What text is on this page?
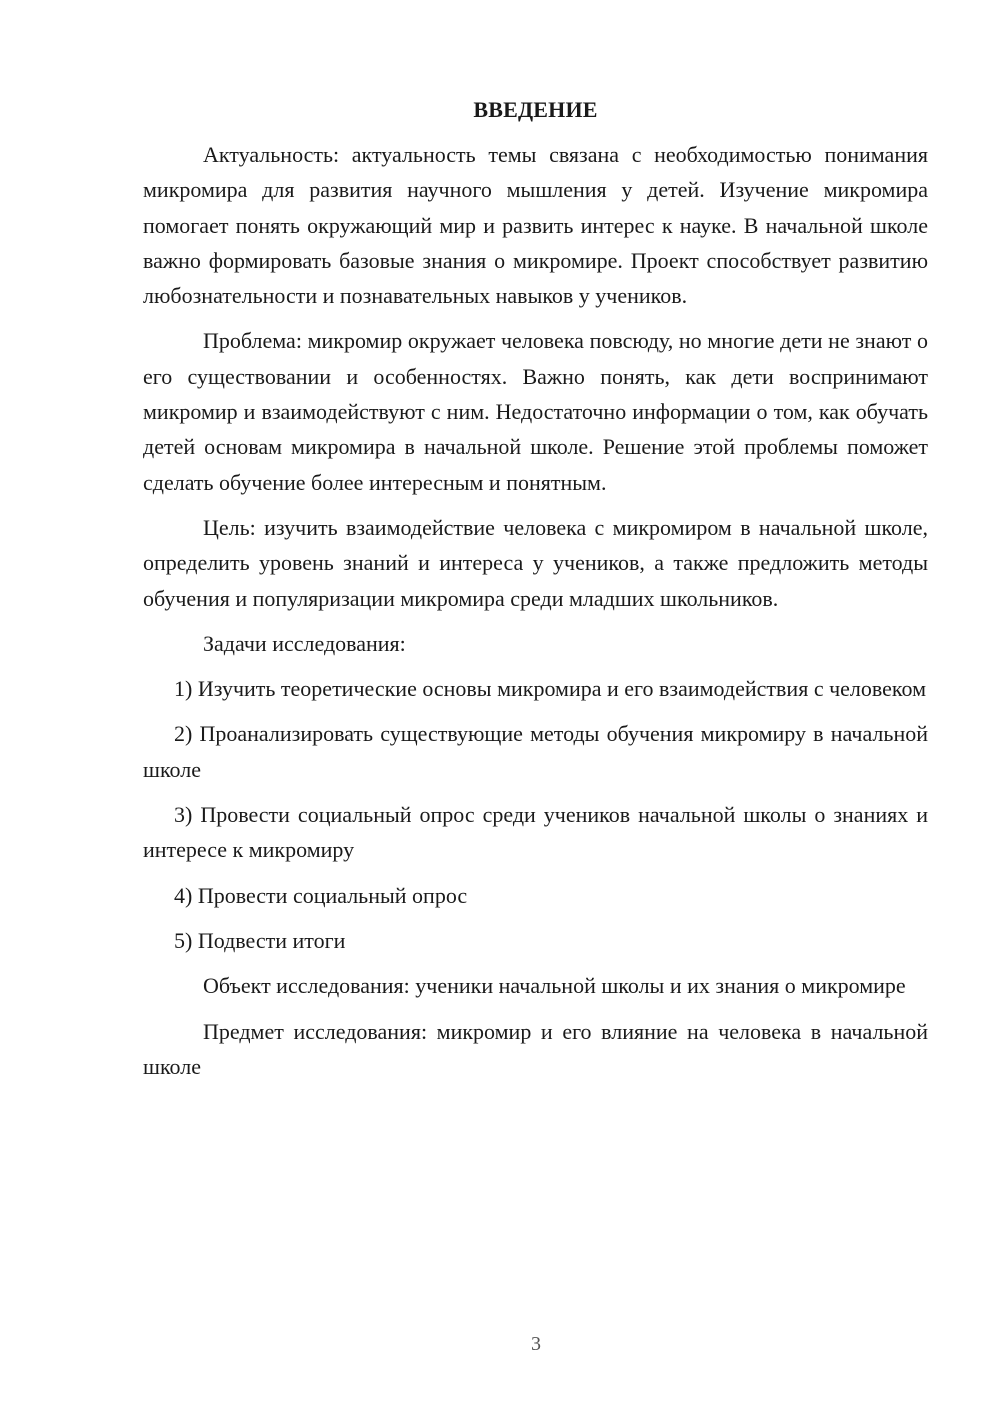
ВВЕДЕНИЕ
Актуальность: актуальность темы связана с необходимостью понимания микромира для развития научного мышления у детей. Изучение микромира помогает понять окружающий мир и развить интерес к науке. В начальной школе важно формировать базовые знания о микромире. Проект способствует развитию любознательности и познавательных навыков у учеников.
Проблема: микромир окружает человека повсюду, но многие дети не знают о его существовании и особенностях. Важно понять, как дети воспринимают микромир и взаимодействуют с ним. Недостаточно информации о том, как обучать детей основам микромира в начальной школе. Решение этой проблемы поможет сделать обучение более интересным и понятным.
Цель: изучить взаимодействие человека с микромиром в начальной школе, определить уровень знаний и интереса у учеников, а также предложить методы обучения и популяризации микромира среди младших школьников.
Задачи исследования:
1) Изучить теоретические основы микромира и его взаимодействия с человеком
2) Проанализировать существующие методы обучения микромиру в начальной школе
3) Провести социальный опрос среди учеников начальной школы о знаниях и интересе к микромиру
4) Провести социальный опрос
5) Подвести итоги
Объект исследования: ученики начальной школы и их знания о микромире
Предмет исследования: микромир и его влияние на человека в начальной школе
3
